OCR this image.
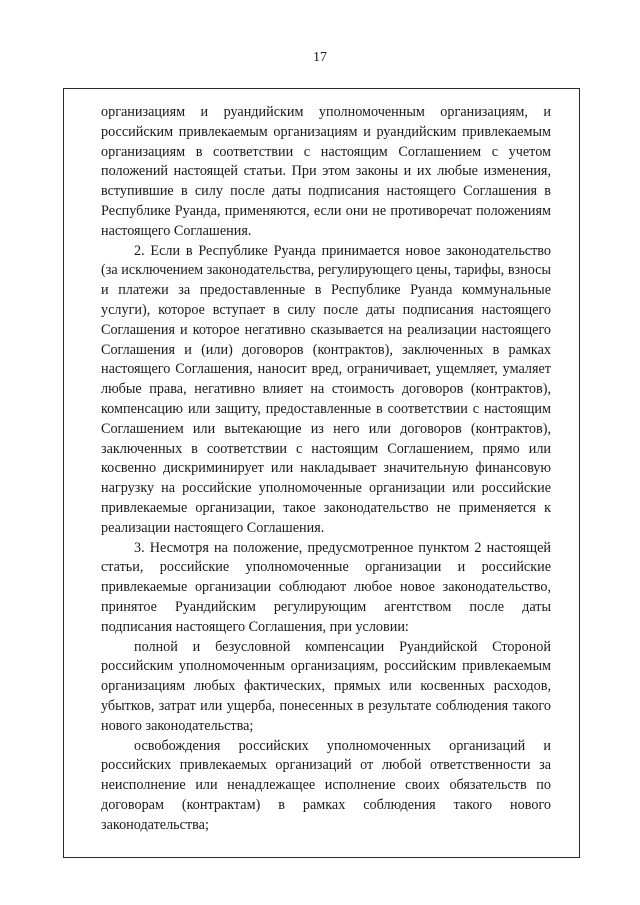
17

организациям и руандийским уполномоченным организациям, и российским привлекаемым организациям и руандийским привлекаемым организациям в соответствии с настоящим Соглашением с учетом положений настоящей статьи. При этом законы и их любые изменения, вступившие в силу после даты подписания настоящего Соглашения в Республике Руанда, применяются, если они не противоречат положениям настоящего Соглашения.

2. Если в Республике Руанда принимается новое законодательство (за исключением законодательства, регулирующего цены, тарифы, взносы и платежи за предоставленные в Республике Руанда коммунальные услуги), которое вступает в силу после даты подписания настоящего Соглашения и которое негативно сказывается на реализации настоящего Соглашения и (или) договоров (контрактов), заключенных в рамках настоящего Соглашения, наносит вред, ограничивает, ущемляет, умаляет любые права, негативно влияет на стоимость договоров (контрактов), компенсацию или защиту, предоставленные в соответствии с настоящим Соглашением или вытекающие из него или договоров (контрактов), заключенных в соответствии с настоящим Соглашением, прямо или косвенно дискриминирует или накладывает значительную финансовую нагрузку на российские уполномоченные организации или российские привлекаемые организации, такое законодательство не применяется к реализации настоящего Соглашения.

3. Несмотря на положение, предусмотренное пунктом 2 настоящей статьи, российские уполномоченные организации и российские привлекаемые организации соблюдают любое новое законодательство, принятое Руандийским регулирующим агентством после даты подписания настоящего Соглашения, при условии:

полной и безусловной компенсации Руандийской Стороной российским уполномоченным организациям, российским привлекаемым организациям любых фактических, прямых или косвенных расходов, убытков, затрат или ущерба, понесенных в результате соблюдения такого нового законодательства;

освобождения российских уполномоченных организаций и российских привлекаемых организаций от любой ответственности за неисполнение или ненадлежащее исполнение своих обязательств по договорам (контрактам) в рамках соблюдения такого нового законодательства;
